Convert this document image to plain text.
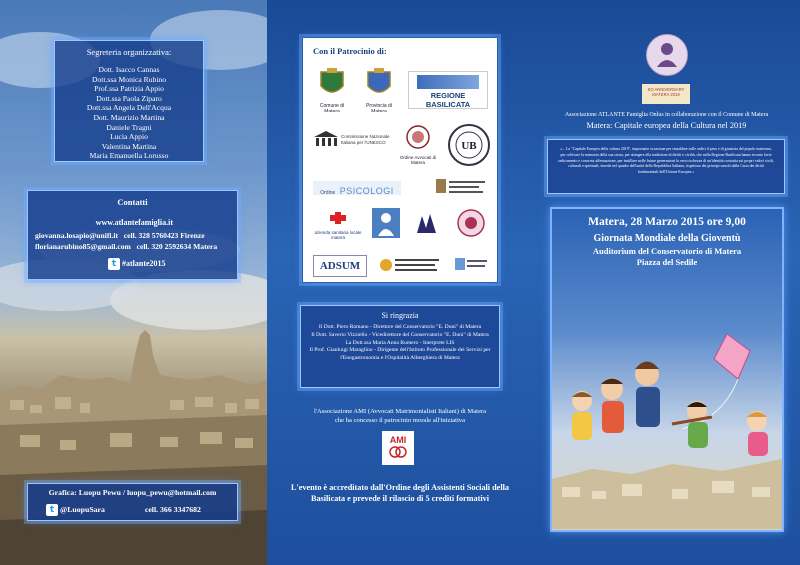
Segreteria organizzativa:
Dott. Isacco Cannas
Dott.ssa Monica Rubino
Prof.ssa Patrizia Appio
Dott.ssa Paola Ziparo
Dott.ssa Angela Dell'Acqua
Dott. Maurizio Martina
Daniele Tragni
Lucia Appio
Valentina Martina
Maria Emanuella Lorusso
Contatti
www.atlantefamiglia.it
giovanna.losapio@unifi.it cell. 328 5760423 Firenze
florianarubino85@gmail.com cell. 320 2592634 Matera
t #atlante2015
Grafica: Luopu Pewu / luopu_pewu@hotmail.com
t @LuopuSara	cell. 366 3347682
Con il Patrocinio di:
Comune di Matera
Provincia di Matera
REGIONE BASILICATA
Commissione Nazionale Italiana per l'UNESCO
Ordine Avvocati di Matera
UB
Ordine PSICOLOGI
azienda sanitaria locale matera
ADSUM
Si ringrazia
Il Dott. Piero Romano - Direttore del Conservatorio "E. Duni" di Matera
Il Dott. Saverio Vizziello - Vicedirettore del Conservatorio "E. Duni" di Matera
La Dott.ssa Maria Anna Rumero - Interprete LIS
Il Prof. Gianluigi Maraglino - Dirigente dell'Istituto Professionale dei Servizi per l'Enogastronomia e l'Ospitalità Alberghiera di Matera
l'Associazione AMI (Avvocati Matrimonialisti Italiani) di Matera
che ha concesso il patrocinio morale all'iniziativa
AMI
L'evento è accreditato dall'Ordine degli Assistenti Sociali della Basilicata e prevede il rilascio di 5 crediti formativi
SO ANNIVERSARY MATERA 2019
Associazione ATLANTE Famiglia Onlus in collaborazione con il Comune di Matera
Matera: Capitale europea della Cultura nel 2019
«... La "Capitale Europea della cultura 2019", importante occasione per rinsaldare sulle radici il peso e di giustizia del popolo materano, per coltivare la memoria della sua storia, per attingere alla tradizione di diritti e civiltà, che nella Regione Basilicata hanno trovato forte radicamento e concreta affermazione, per instillare nelle future generazioni la vera ricchezza di un'identità costruita sui propri valori civili, culturali e spirituali, inseriti nel quadro dell'unità della Repubblica Italiana, rispettosa dei principi sanciti dalla Carta dei diritti fondamentali dell'Unione Europea.»
Matera, 28 Marzo 2015 ore 9,00
Giornata Mondiale della Gioventù
Auditorium del Conservatorio di Matera
Piazza del Sedile
